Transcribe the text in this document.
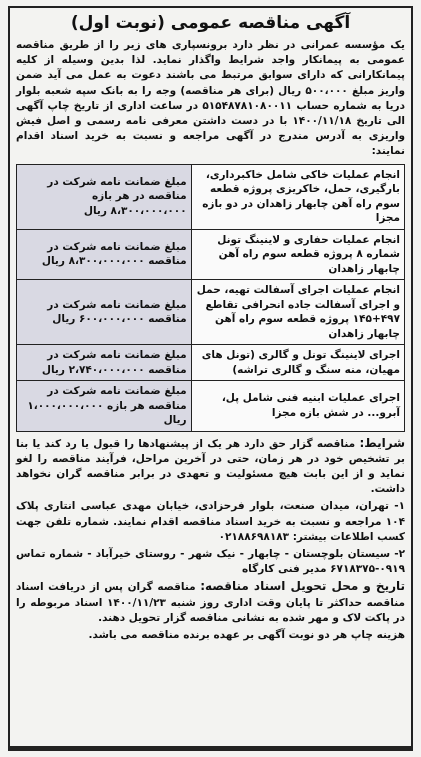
آگهی مناقصه عمومی (نوبت اول)

یک مؤسسه عمرانی در نظر دارد برونسپاری های زیر را از طریق مناقصه عمومی به پیمانکار واجد شرایط واگذار نماید. لذا بدین وسیله از کلیه پیمانکارانی که دارای سوابق مرتبط می باشند دعوت به عمل می آید ضمن واریز مبلغ ۵۰۰،۰۰۰ ریال (برای هر مناقصه) وجه را به بانک سپه شعبه بلوار دریا به شماره حساب ۵۱۵۴۸۷۸۱۰۸۰۰۱۱ در ساعت اداری از تاریخ چاپ آگهی الی تاریخ ۱۴۰۰/۱۱/۱۸ با در دست داشتن معرفی نامه رسمی و اصل فیش واریزی به آدرس مندرج در آگهی مراجعه و نسبت به خرید اسناد اقدام نمایند:

انجام عملیات خاکی شامل خاکبرداری، بارگیری، حمل، خاکریزی پروژه قطعه سوم راه آهن چابهار زاهدان در دو بازه مجزا	مبلغ ضمانت نامه شرکت در مناقصه در هر بازه ۸،۳۰۰،۰۰۰،۰۰۰ ریال
انجام عملیات حفاری و لاینینگ تونل شماره ۸ پروژه قطعه سوم راه آهن چابهار زاهدان	مبلغ ضمانت نامه شرکت در مناقصه ۸،۳۰۰،۰۰۰،۰۰۰ ریال
انجام عملیات اجرای آسفالت تهیه، حمل و اجرای آسفالت جاده انحرافی تقاطع ۴۹۷+۱۴۵ پروژه قطعه سوم راه آهن چابهار زاهدان	مبلغ ضمانت نامه شرکت در مناقصه ۶۰۰،۰۰۰،۰۰۰ ریال
اجرای لاینینگ تونل و گالری (تونل های مهیان، منه سنگ و گالری تراشه)	مبلغ ضمانت نامه شرکت در مناقصه ۲،۷۴۰،۰۰۰،۰۰۰ ریال
اجرای عملیات ابنیه فنی شامل پل، آبرو... در شش بازه مجزا	مبلغ ضمانت نامه شرکت در مناقصه هر بازه ۱،۰۰۰،۰۰۰،۰۰۰ ریال

شرایط: مناقصه گزار حق دارد هر یک از پیشنهادها را قبول یا رد کند یا بنا بر تشخیص خود در هر زمان، حتی در آخرین مراحل، فرآیند مناقصه را لغو نماید و از این بابت هیچ مسئولیت و تعهدی در برابر مناقصه گران نخواهد داشت.

۱- تهران، میدان صنعت، بلوار فرحزادی، خیابان مهدی عباسی انتاری پلاک ۱۰۴ مراجعه و نسبت به خرید اسناد مناقصه اقدام نمایند. شماره تلفن جهت کسب اطلاعات بیشتر: ۰۲۱۸۸۶۹۸۱۸۳

۲- سیستان بلوچستان - چابهار - نیک شهر - روستای خیرآباد - شماره تماس ۰۹۱۹-۶۷۱۸۳۷۵ مدیر فنی کارگاه

تاریخ و محل تحویل اسناد مناقصه: مناقصه گران پس از دریافت اسناد مناقصه حداکثر تا پایان وقت اداری روز شنبه ۱۴۰۰/۱۱/۲۳ اسناد مربوطه را در پاکت لاک و مهر شده به نشانی مناقصه گزار تحویل دهند.

هزینه چاپ هر دو نوبت آگهی بر عهده برنده مناقصه می باشد.
